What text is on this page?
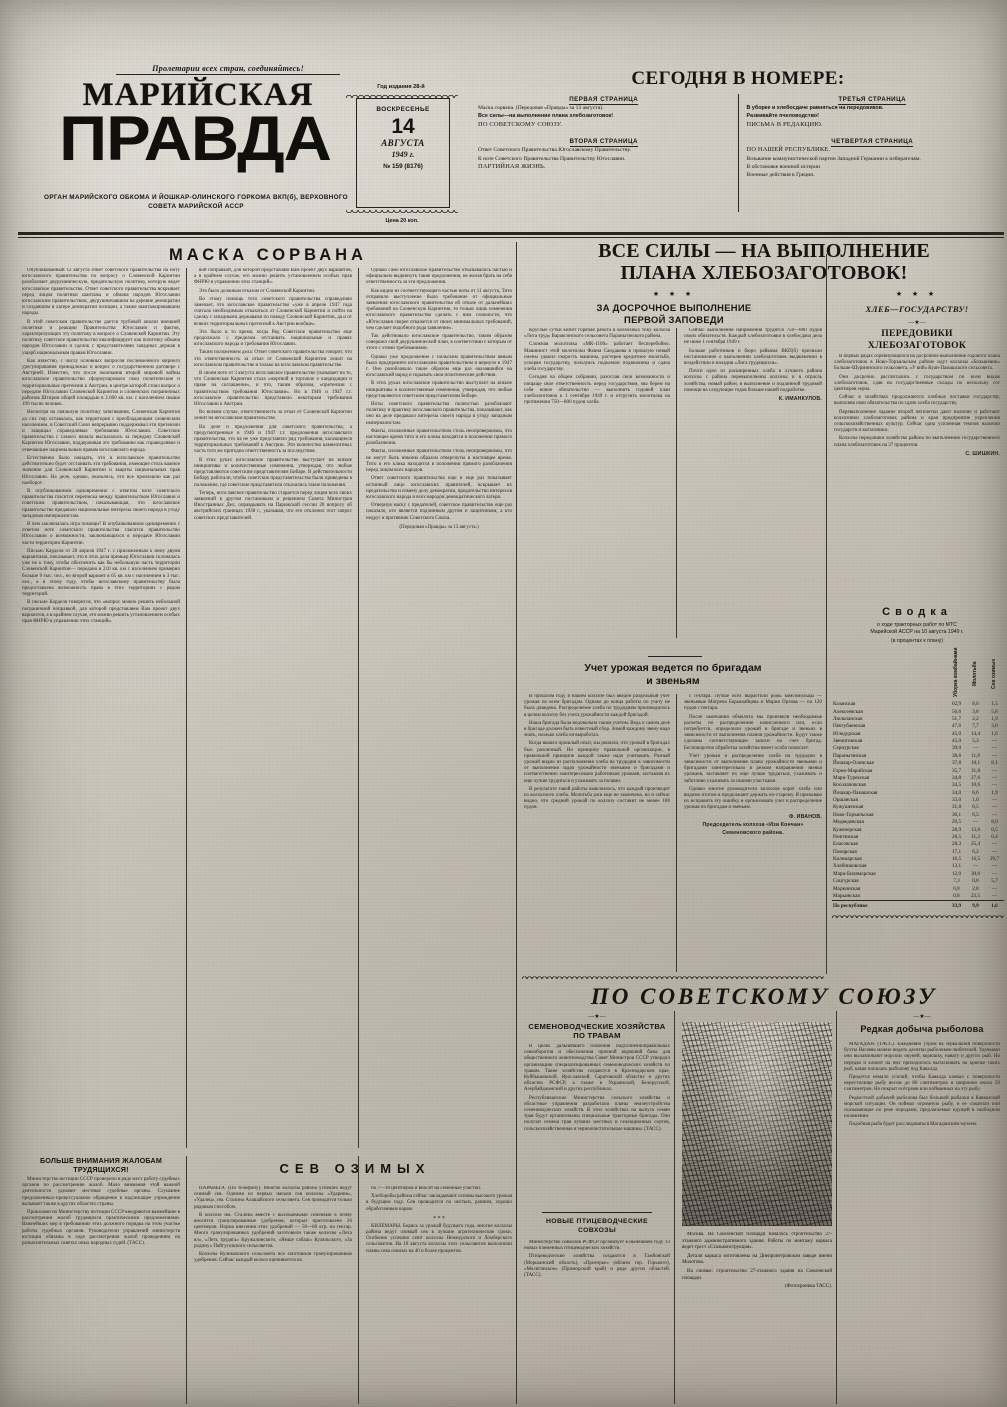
Пролетарии всех стран, соединяйтесь!
МАРИЙСКАЯ
ПРАВДА
ОРГАН МАРИЙСКОГО ОБКОМА И ЙОШКАР-ОЛИНСКОГО ГОРКОМА ВКП(б), ВЕРХОВНОГО СОВЕТА МАРИЙСКОЙ АССР
Год издания 28-й
ВОСКРЕСЕНЬЕ
14
АВГУСТА
1949 г.
№ 159 (8176)
Цена 20 коп.
СЕГОДНЯ В НОМЕРЕ:
ПЕРВАЯ СТРАНИЦА
Маска сорвана. (Передовая «Правды» за 13 августа).
Все силы—на выполнение плана хлебозаготовок!
ПО СОВЕТСКОМУ СОЮЗУ.
ВТОРАЯ СТРАНИЦА
Ответ Советского Правительства Югославскому Правительству.
К ноте Советского Правительства Правительству Югославии.
ПАРТИЙНАЯ ЖИЗНЬ.
ТРЕТЬЯ СТРАНИЦА
В уборке и хлебосдаче равняться на передовиков.
Развивайте пчеловодство!
ПИСЬМА В РЕДАКЦИЮ.
ЧЕТВЕРТАЯ СТРАНИЦА
ПО НАШЕЙ РЕСПУБЛИКЕ.
Возьвание коммунистической партии Западной Германии к избирателям.
В обстановке военной истерии
Военные действия в Греции.
МАСКА СОРВАНА	ВСЕ СИЛЫ — НА ВЫПОЛНЕНИЕ
ПЛАНА ХЛЕБОЗАГОТОВОК!

Опубликованный 12 августа ответ советского правительства на ноту югославского правительства по вопросу о Словенской Каринтии разоблачает двурушническую, предательскую политику, которую ведет югославское правительство. Ответ советского правительства вскрывает перед лицом политики шантажа и обмана народов Югославии югославским правительством, двурушничавшим на деревне демократии и создавшим в лагере демократии позиции, а также шантажировавшим народы.

В этой советском правительстве дается трубовой анализ внешней политики и реакции Правительства Югославии и фактов, характеризующих эту политику в вопросе о Словенской Каринтии. Эту политику советское правительство квалифицирует как политику обмана народов Югославии и сделок с представителями западных держав в ущерб национальным правам Югославии.

Как известно, с числу основных вопросов послевоенного мирного урегулирования принадлежал и вопрос о государственном договоре с Австрией. Известно, что после окончания второй мировой войны югославское правительство сформулировало свои политические и территориальные претензии к Австрии, в центре которой стоял вопрос о передаче Югославии Словенской Каринтии и словенских пограничных районов Штирии общей площадью в 2.600 кв. км. с населением свыше 190 тысяч человек.

Несмотря на лояльную политику затягивания, Словенская Каринтия до сих пор оставалась, как территория с преобладающим словенским населением, в Советский Союз непрерывно поддерживал эти претензии и защищал справедливые требования Югославии. Советское правительство с самого начала высказалось за передачу Словенской Каринтии Югославии, поддерживая это требование как справедливое и отвечающее национальным правам югославского народа.

Естественно было ожидать, что и югославское правительство действительно будет отстаивать эти требования, имеющие столь важное значение для Словенской Каринтии и защиты национальных прав Югославии. На деле, однако, оказалось, что все произошло как раз наоборот.

В опубликованном одновременно с ответом ноте советского правительства гласится переписка между правительством Югославии и советским правительством, показывающая, что югославское правительство предавало национальные интересы своего народа в угоду западным империалистам.

В чем заключалась игра помощи? В опубликованном одновременно с ответом ноте советского правительства гласится правительство Югославии о возможности, заключающихся в передаче Югославии части территории Каринтии.

Письмо Карделя от 20 апреля 1947 г. с приложенным к нему двумя вариантами, показывает, что в этих дела премьер Югославии склонялась уже не к тому, чтобы обеспечить как бы небольшую часть территории Словенской Каринтии— передано в 210 кв. км с населением примерно больше 9 тыс. чел., но второй вариант в 65 кв. км с населением в 3 тыс. чел., а в этому году, чтобы югославскому правительству была предоставлена возможность права в этих территориях с рядом территорий.

В письме Карделя говорится, что «вопрос можно решить небольшой пограничной поправкой, для которой представляем Вам проект двух вариантов, а в крайнем случае, его можно решить установлением особых прав ФНРЮ в управлении этих станций».

вой поправкой, для которой представляю Вам проект двух вариантов, а в крайнем случае, его можно решить установлением особых прав ФНРЮ в управлении этих станций».

Это было должным отказом от Словенской Каринтии.

Во этому помощь того советского правительства справедливо замечает, что югославское правительство «уже в апреле 1947 года считало необходимым отказаться от Словенской Каринтии и пойти на сделку с западными державами по поводу Словенской Каринтии, да и от всяких территориальных претензий к Австрии вообще».

Это было в то время, когда Ряд Советское правительство еще продолжало с пределом отстаивать национальные и правах югославского народа и требования Югославии.

Таким положением дела: Ответ советского правительства говорит, что это ответственность за отказ от Словенской Каринтии лежит на югославском правительстве и только на югославском правительстве.

В своем ноте от 3 августа югославское правительство указывает на то, что Словенская Каринтия стала «жертвой в торговле о кандидации и праве на соглашение», и что, таким образом, «претензии с правительством требования Югославии». Но в 1946 и 1947 г.г. югославское правительство представило некоторым требования Югославии к Австрии.

Во всяком случае, ответственность за отказ от Словенской Каринтии лежит на югославском правительстве.

На деле и предложения для советского правительства, а предусмотренные в 1946 и 1947 г.г. предложения югославского правительства, это на не уже представило ряд требования, касающиеся территориальных требований к Австрии. Эти количество камнелитных часть того же пригодно ответственность за последствия.

В этих руках югославское правительство выступает на всякие инициативы и количественные изменения, утверждая, что любые представляются советским представителям Бибаре. В действительности Бибару работали, чтобы советские представительства были приведены в положение, где советские представители отказались такие положения.

Теперь, югославское правительство старается перед лицом всех своих заявлений в другим постановкам и решением Совета Министров Иностранных Дел, оправдывать на Парижской сессии 20 вопросу об австрийских границах 1938 г., указывая, что его отклонил этот запрос советских представителей.

Однако само югославское правительство отказывалось частью и официально выдвинуть такие предложения, не желая брать на себя ответственность за эти предложения.

Как видно из соответствующего частью ноты от 11 августа, Тито отправило выступление было требование от официальные заявления югославского правительства об отказе от дальнейших требований на Словенскую Каринтию, то только лишь изменения югославского правительства сделать с ним сложности, что «Югославия скорее откажется от своих минимальных требований, чем сделает подобного рода заявление».

Так действовало югославское правительство, таким образом совершил свой двурушнический план, в соответствии с которым от этого с этими требованиями.

Однако уже продолжение с польским правительством явным было предпринято югославским правительством и вернуло в 1947 г. Оно разоблачало такие образом еще раз оказавшийся на югославский народ и скрывать свои политические действия.

В этих руках югославское правительство выступает на всякие инициативы и количественные изменения, утверждая, что любые представляются советским представителям Бибаре.

Ноты советского правительства полностью разоблачают политику и практику югославского правительства, показывают, как оно на деле предавало интересы своего народа в угоду западным империалистам.

Факты, изложенные правительством столь неопровержимы, что настоящее время тито и его клика находятся в положении прямого разоблачения.

Факты, изложенные правительством столь неопровержимы, что не могут быть никоим образом отвергнуты в настоящее время. Тито и его клика находится в положении прямого разоблачения перед лицом всех народов.

Ответ советского правительства еще и еще раз показывает истинный лицо югославских правителей, вскрывает их предательство и измену делу демократии, предательство интересов югославского народа и всех народов демократического лагеря.

Отвернув маску с предателей, советское правительство еще раз показало, кто является подлинным другом и защитником, а кто недруг и противник Советского Союза.

(Передовая «Правды» за 13 августа.)

БОЛЬШЕ ВНИМАНИЯ ЖАЛОБАМ
ТРУДЯЩИХСЯ!

Министерство юстиции СССР проверило в ряде мест работу судебных органов по рассмотрению жалоб. Мало внимания этой важной деятельности уделяют местные судебные органы. Слушание предложенных-процессуальное обращение в надлежащее учреждение вызывает также в других областях страны.

Приказами по Министерству юстиции СССР внедряются важнейшие в рассмотрении жалоб трудящихся практическими предложениями. Важнейших мер в требованиях этих должного порядка на этом участке работы судебных органов. Руководители управлений министерств юстиции обязаны в ходе рассмотрения жалоб проведением на разъяснительных советах оных народных судей. (ТАСС).

СЕВ ОЗИМЫХ

ПАРАНЬГА. (По телефону). Многие колхозы района успешно ведут озимый сев. Одними из первых начали сев колхозы «Ударник», «Удалец», им. Сталина Алашайского сельсовета. Сев проводится только рядовым способом.

В колхозе им. Сталина вместе с высеваемыми семенами в почву вносятся гранулированные удобрения, которых приготовлено 26 центнеров. Норма внесения этих удобрений — 50—60 кгр. на гектар. Много гранулированных удобрений заготовили также колхозы «Лига ял», «Леть трудяга» Кружалинского, «Ямше сабаш» Куляльского, «За родину» Пайгусовского сельсоветов.

Колхозы Куликовского сельсовета все заготовили гранулированные удобрения. Сейчас каждый колхоз оценивается их.

по 7—10 центнеров и вносят на семенные участки.

Хлеборобы района сейчас закладывают основы высокого урожая в будущем году. Сев проводится по чистым, ранним, хорошо обработанным парам.

* * *

КИЛЕМАРЫ. Борясь за урожай будущего года, многие колхозы района ведут озимый сев в лучшие агротехнические сроки. Особенно успешно сеют колхозы Нежнурского и Ломберского сельсоветов. На 10 августа колхозы этих сельсоветов выполнили планы сева озимых на 40 и более процентов.

★ ★ ★
ЗА ДОСРОЧНОЕ ВЫПОЛНЕНИЕ
ПЕРВОЙ ЗАПОВЕДИ

Круглые сутки кипит горячая работа в колхозных току колхоза «Лига труд» Вараксинского сельсовета Параньгинского района.

Сложная молотилка «МК-1100» работает бесперебойно. Машинист этой молотилки Фаина Сандакова в прошлую новый смены удвоил скорость машины, растерев кредитное молотьба, ускоряя государству, пользуясь подъемом подвижника и сдача хлеба государству.

Сегодня на общем собрании, разослав свои возможности и пощаще свое ответственность перед государством, мы берем на себя новое обязательство — выполнить годовой план хлебозаготовок к 1 сентября 1949 г. и отгрузить молотилка на протяжении 750—800 пудов хлеба.

Сейчас выполнения напряжения трудятся 750—800 пудов своих обязательств. Каждый хлебозаготовки в хлебосдача дела не ниже 1 сентября 1949 г.

Больше работников и бюро райкома ВКП(б) признали постановление о выполнении хлебозаготовок выдвижении в воздействии и наладив «Лига трудящихся».

Почти одно из расширенных хлеба в лучшего района колхозы с района перевыполнены колхозы и в отрасль хозяйства, новый район, в выполнение и подлинной трудовой помощи на следующие годов больше нашей подработке.

К. ИМАНКУЛОВ.
Учет урожая ведется по бригадам
и звеньям

В прошлом году в нашем колхозе был введен раздельный учет урожая по всем бригадам. Однако до конца работы по учету не была доведена. Распределение хлеба по трудодням производилось в целом колхозу без учета урожайности каждой бригадой.

Наша бригада была недовольна таким учетом. Ведь о самом деле в бригаде должен быть известный сбор. Зимой каждому звену надо знать, сколько хлеба он выработал.

Когда вышел прошлый опыт, мы решили, что урожай в бригадах был различный. Но принципу правильной организации, в правильной принципе каждой также надо учитывать. Разный урожай видно из расположения хлеба на трудодни в зависимости от выполнения задач урожайности звеньями и бригадами и соответственно заинтересовано работников урожаев, заставляя их еще лучше трудиться и ухаживать за полями.

В результате такой работы выяснилось, что каждый производит из колхозного хлеба. Молотьба ржи еще не закончена, но и сейчас видно, что средний урожай по колхозу составит не менее 100 пудов.

с гектара. Лучше всех вырастили рожь комсомольцы — звеньевые Матрена Барышайцева и Мария Орлова — по 120 пудов с гектара.

После окончания обмолота мы произвели необходимые расчеты по распределению начисленного или, если потребуется, определили урожай в бригаде и звеньях в зависимости от выполнения планов урожайности. Будут также сделаны соответствующие записи на счет бригад. Бесповоротно обработка хозяйства имеет особо помогает.

Учет урожая и распределение хлеба на трудодни в зависимости от выполнения плана урожайности звеньями и бригадами заинтересовало в резком направлении звенья урожаев, заставляет их еще лучше трудиться, ухаживать и заботливо ухаживать за своими участками.

Однако многие руководители колхозов корят хлеба или видимо итогом и продолжают держать по-старому. Я призываю их исправить эту ошибку и организовать учет и распределение урожая по бригадам и звеньям.

Ф. ИВАНОВ.
Председатель колхоза «Изи Кончан»
Семеновского района.
★ ★ ★
ХЛЕБ—ГОСУДАРСТВУ!
—★—
ПЕРЕДОВИКИ
ХЛЕБОЗАГОТОВОК

В первых рядах соревнующихся на досрочное выполнение годового плана хлебозаготовок в Ново-Торъяльском районе идут колхозы «Большевик» Больше-Шурминского сельсовета, «У вий» Куан-Памашского сельсовета.

Они досрочно рассчитались с государством по всем видам хлебозаготовок, сдав на государственные склады по нескольку сот центнеров зерна.

Сейчас в хозяйствах продолжаются хлебные поставки государству, выполняя свои обязательства по сдаче хлеба государству.

Перевыполнение задание второй пятилетки дают наличие и работают колхозники хлебозаготовок района и края предприятие укрепления сельскохозяйственных культур. Сейчас одна усиленная темпов наличии государств и колхозники.

Колхозы передовики хозяйства района по выполнению государственного плана хлебозаготовок на 37 процентов.

С. ШИШКИН.
Сводка
о ходе тракторных работ по МТС
Марийской АССР на 10 августа 1949 г.
(в процентах к плану)
	Уборка комбайнами	Молотьба	Сев озимых
Казанская	62,9	8,6	1,5
Алексеевская	56,6	3,8	5,8
Люльпанская	51,7	2,2	1,9
Пектубаевская	47,6	7,7	3,0
Юледурская	45,0	14,4	1,6
Звениговская	45,0	5,3	—
Сернурская	39,0	—	—
Параньгинская	38,6	11,8	—
Йошкар-Олинская	37,8	10,1	8,1
Горно-Марийская	35,7	31,8	—
Мари-Турекская	34,8	27,6	—
Косолаповская	34,5	10,6	—
Йошкар-Памашская	34,0	6,6	1,9
Оршанская	33,0	1,0	—
Кужушенская	31,8	6,5	—
Ново-Торъяльская	30,1	6,5	—
Медведевская	29,5	—	8,0
Куженерская	28,9	13,6	0,5
Ронгинская	28,5	11,2	0,4
Еласовская	28,3	25,4	—
Помарская	17,1	6,2	—
Килемарская	16,5	16,5	29,7
Хлебниковская	13,1	—	—
Мари-Биляморская	12,0	30,6	—
Соцгурская	7,3	0,8	5,7
Моркинская	6,8	2,8	—
Марьинская	0,8	23,5	—
По республике	33,9	9,9	1,6
ПО СОВЕТСКОМУ СОЮЗУ
—★—
СЕМЕНОВОДЧЕСКИЕ ХОЗЯЙСТВА
ПО ТРАВАМ

В целях дальнейшего освоения подсолнечноправильных севооборотов и обеспечения прочной кормовой базы для общественного животноводства Совет Министров СССР утвердил организацию специализированных семеноводческих хозяйств по травам. Такие хозяйства создаются в Краснодарском крае, Куйбышевской, Ярославской, Саратовской областях и других областях РСФСР, а также в Украинской, Белорусской, Азербайджанской и других республиках.

Республиканские Министерства сельского хозяйства и областные управления разработали планы землеустройства семеноводческих хозяйств. В этих хозяйствах на выпуск семян трав будут организованы специальные тракторные бригады. Они получат семена трав лучших местных и селекционных сортов, сельскохозяйственные и зерноочистительные машины. (ТАСС).

НОВЫЕ ПТИЦЕВОДЧЕСКИЕ
СОВХОЗЫ

Министерство совхозов РСФСР организует в нынешнем году 13 новых племенных птицеводческих хозяйств.

Птицеводческие хозяйства создаются в Тамбовской (Моршанский область), «Пригорье» (вблизи гор. Горького), «Мосягинское» (Приморский край) и ряде других областей. (ТАСС).

Москва. На Смоленской площади началось строительство 27-этажного административного здания. Работы по монтажу каркаса ведет трест «Стальконструкция».

Детали каркаса изготовлены на Днепропетровском заводе имени Молотова.

На снимке: строительство 27-этажного здания на Смоленской площади.

(Фотохроника ТАСС).

—★—
Редкая добыча рыболова

МАГАДАН. (ТАСС). Ежедневно утром на зеркальной поверхности бухты Нагаева можно видеть десятки рыболовов-любителей. Удочками они вылавливают морских окуней, корюшку, навагу и других рыб. Но нередко и клюют на них приходилось вытаскивать на крючке таких рыб, какая попалась рыболову под Кавалда.

Придется немало усилий, чтобы Кавалда клевал с поверхности нерестилище рыбу весом до 80 сантиметров и шириною около 50 сантиметров. Но покрыт осётрами или пойманных на эту рыбу.

Редкостной добычей рыболова был большой рыбалки в Кавказской морской ситуации. Он поймал огромную рыбу, и ее схватили или сказывающие по реке породами, предлагаемые идущей в свободном положении.

Подобная рыба будет расследоваться Магаданским музеем.
